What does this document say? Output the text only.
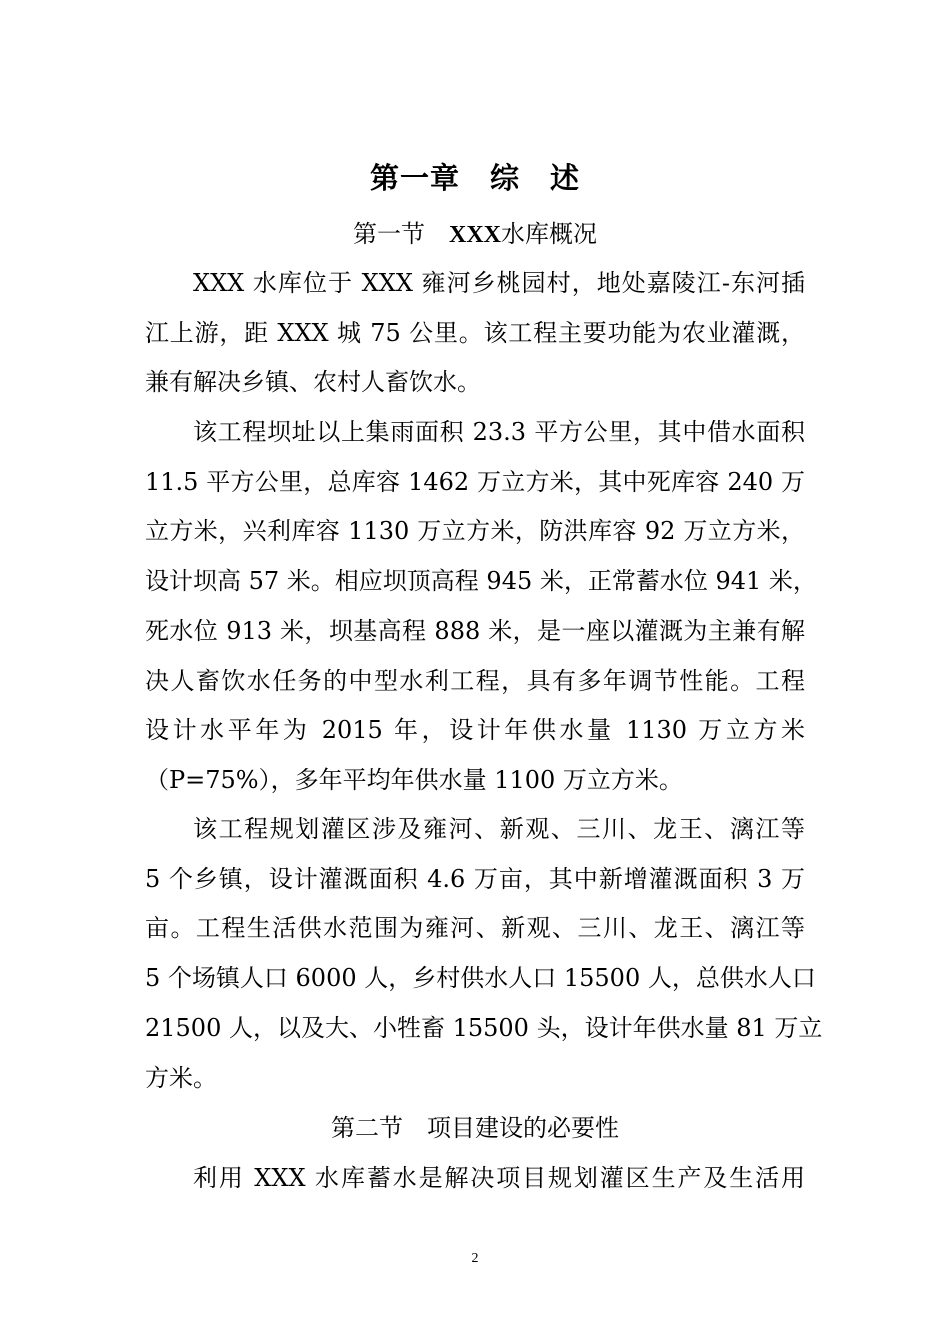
第一章 综　述
第一节 XXX水库概况
XXX 水库位于 XXX 雍河乡桃园村，地处嘉陵江-东河插
江上游，距 XXX 城 75 公里。该工程主要功能为农业灌溉，
兼有解决乡镇、农村人畜饮水。
该工程坝址以上集雨面积 23.3 平方公里，其中借水面积
11.5 平方公里，总库容 1462 万立方米，其中死库容 240 万
立方米，兴利库容 1130 万立方米，防洪库容 92 万立方米，
设计坝高 57 米。相应坝顶高程 945 米，正常蓄水位 941 米，
死水位 913 米，坝基高程 888 米，是一座以灌溉为主兼有解
决人畜饮水任务的中型水利工程，具有多年调节性能。工程
设计水平年为 2015 年，设计年供水量 1130 万立方米
（P=75%），多年平均年供水量 1100 万立方米。
该工程规划灌区涉及雍河、新观、三川、龙王、漓江等
5 个乡镇，设计灌溉面积 4.6 万亩，其中新增灌溉面积 3 万
亩。工程生活供水范围为雍河、新观、三川、龙王、漓江等
5 个场镇人口 6000 人，乡村供水人口 15500 人，总供水人口
21500 人，以及大、小牲畜 15500 头，设计年供水量 81 万立
方米。
第二节 项目建设的必要性
利用 XXX 水库蓄水是解决项目规划灌区生产及生活用
2
